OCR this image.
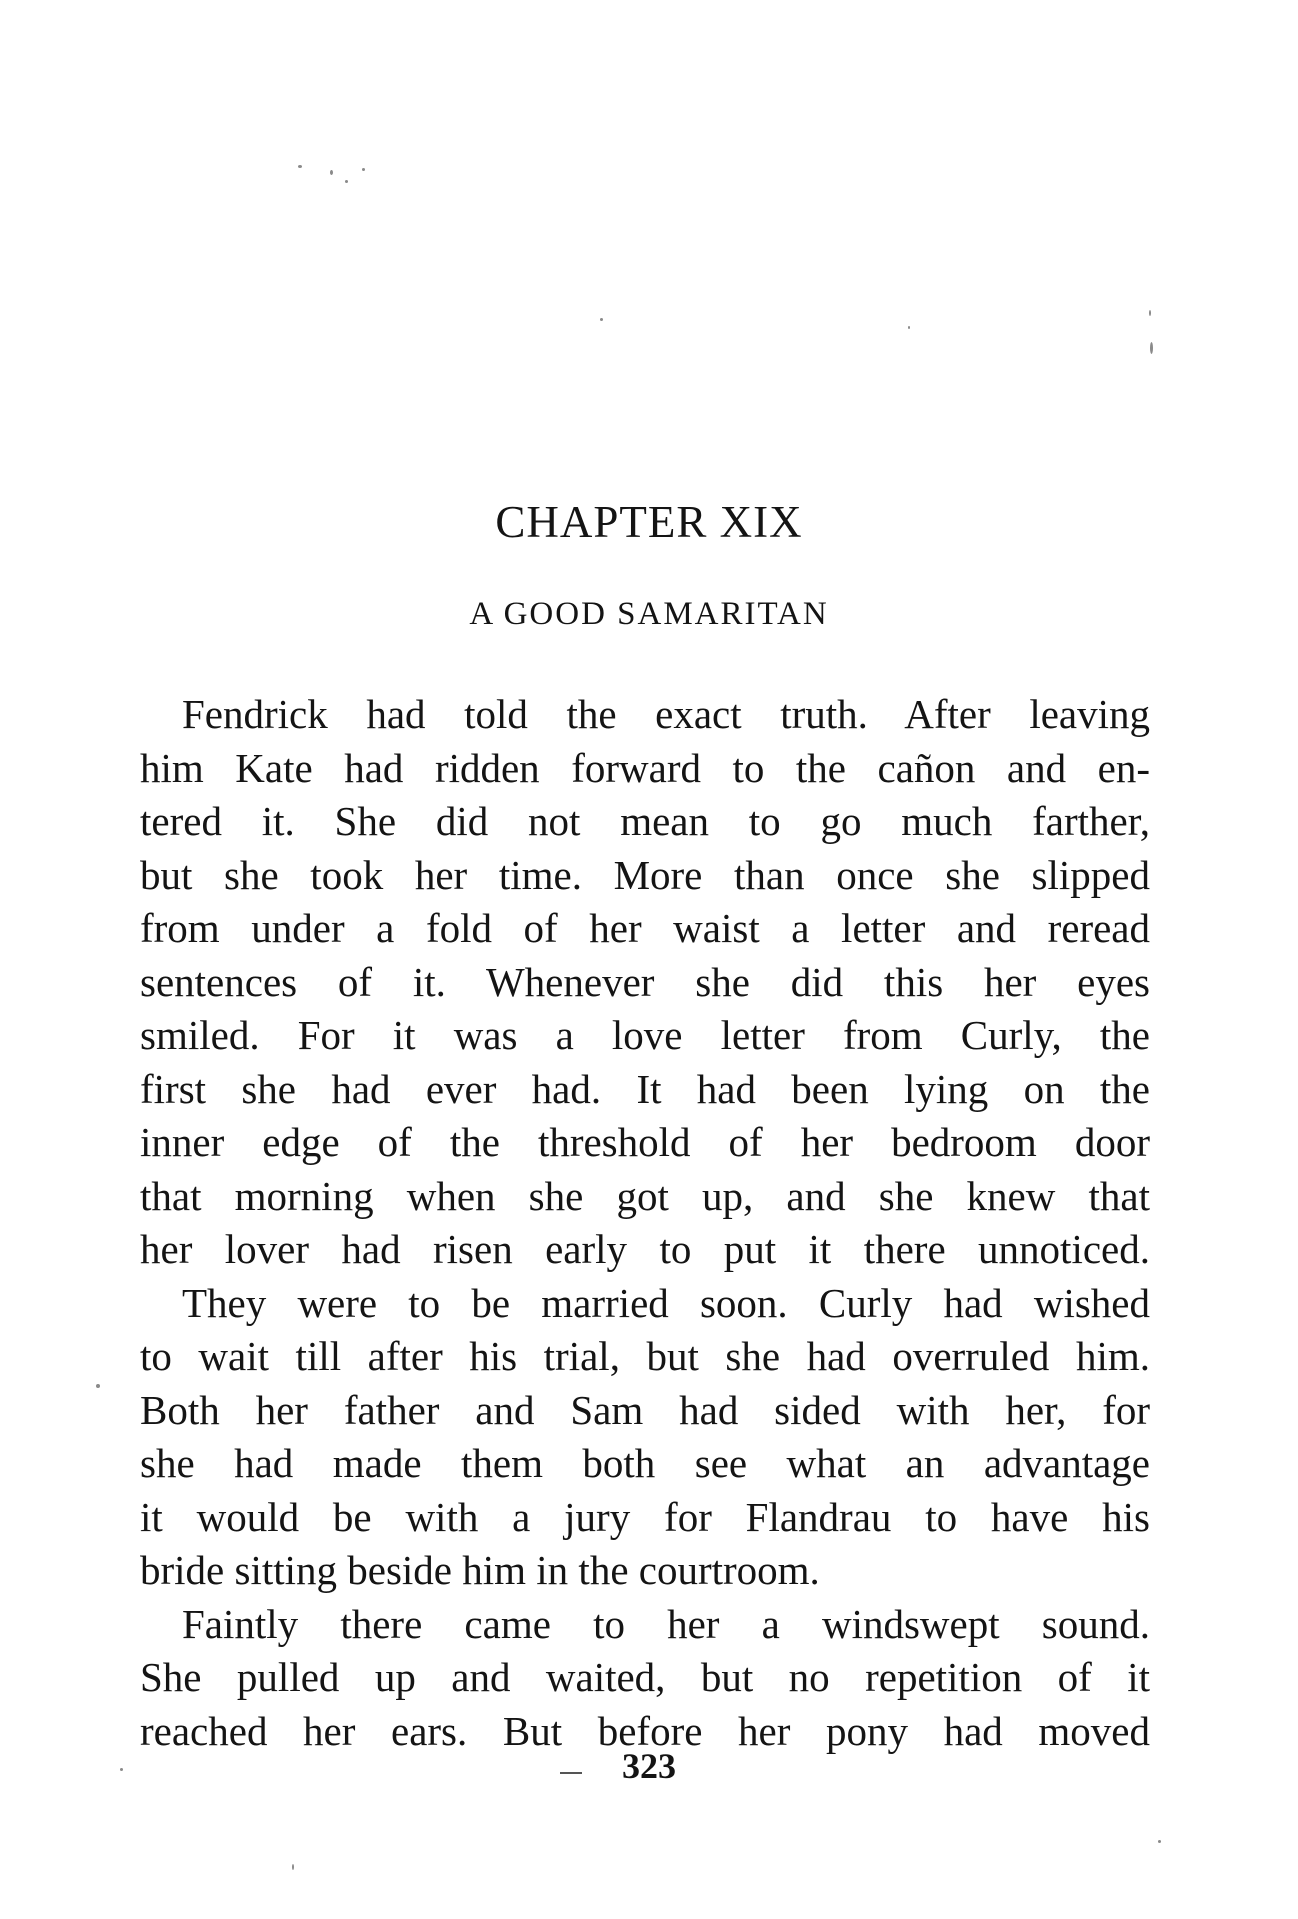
CHAPTER XIX
A GOOD SAMARITAN
Fendrick had told the exact truth. After leaving
him Kate had ridden forward to the cañon and en-
tered it. She did not mean to go much farther,
but she took her time. More than once she slipped
from under a fold of her waist a letter and reread
sentences of it. Whenever she did this her eyes
smiled. For it was a love letter from Curly, the
first she had ever had. It had been lying on the
inner edge of the threshold of her bedroom door
that morning when she got up, and she knew that
her lover had risen early to put it there unnoticed.
They were to be married soon. Curly had wished
to wait till after his trial, but she had overruled him.
Both her father and Sam had sided with her, for
she had made them both see what an advantage
it would be with a jury for Flandrau to have his
bride sitting beside him in the courtroom.
Faintly there came to her a windswept sound.
She pulled up and waited, but no repetition of it
reached her ears. But before her pony had moved
323
